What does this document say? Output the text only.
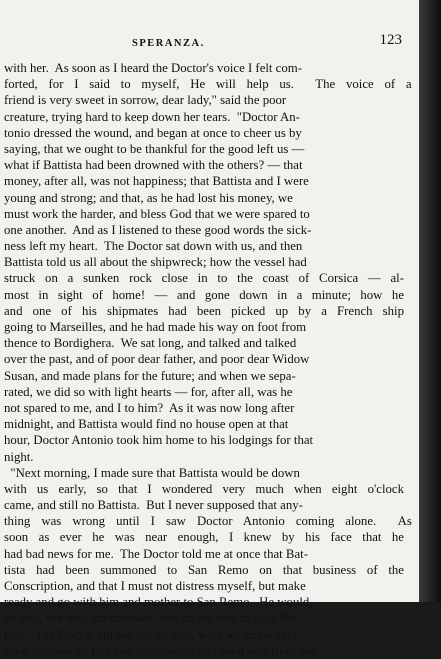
SPERANZA.	123
with her.  As soon as I heard the Doctor's voice I felt com-
forted, for I said to myself, He will help us.  The voice of a
friend is very sweet in sorrow, dear lady," said the poor
creature, trying hard to keep down her tears.  "Doctor An-
tonio dressed the wound, and began at once to cheer us by
saying, that we ought to be thankful for the good left us —
what if Battista had been drowned with the others? — that
money, after all, was not happiness; that Battista and I were
young and strong; and that, as he had lost his money, we
must work the harder, and bless God that we were spared to
one another.  And as I listened to these good words the sick-
ness left my heart.  The Doctor sat down with us, and then
Battista told us all about the shipwreck; how the vessel had
struck on a sunken rock close in to the coast of Corsica — al-
most in sight of home! — and gone down in a minute; how he
and one of his shipmates had been picked up by a French ship
going to Marseilles, and he had made his way on foot from
thence to Bordighera.  We sat long, and talked and talked
over the past, and of poor dear father, and poor dear Widow
Susan, and made plans for the future; and when we sepa-
rated, we did so with light hearts — for, after all, was he
not spared to me, and I to him?  As it was now long after
midnight, and Battista would find no house open at that
hour, Doctor Antonio took him home to his lodgings for that
night.
"Next morning, I made sure that Battista would be down
with us early, so that I wondered very much when eight o'clock
came, and still no Battista.  But I never supposed that any-
thing was wrong until I saw Doctor Antonio coming alone.  As
soon as ever he was near enough, I knew by his face that he
had bad news for me.  The Doctor told me at once that Bat-
tista had been summoned to San Remo on that business of the
Conscription, and that I must not distress myself, but make
ready and go with him and mother to San Remo.  He would,
he said, see the Commandant, and do his best to right Bat-
tista.  The Doctor did not tell us then, what we knew very
soon afterwards, that two carabineers had been sent from San
